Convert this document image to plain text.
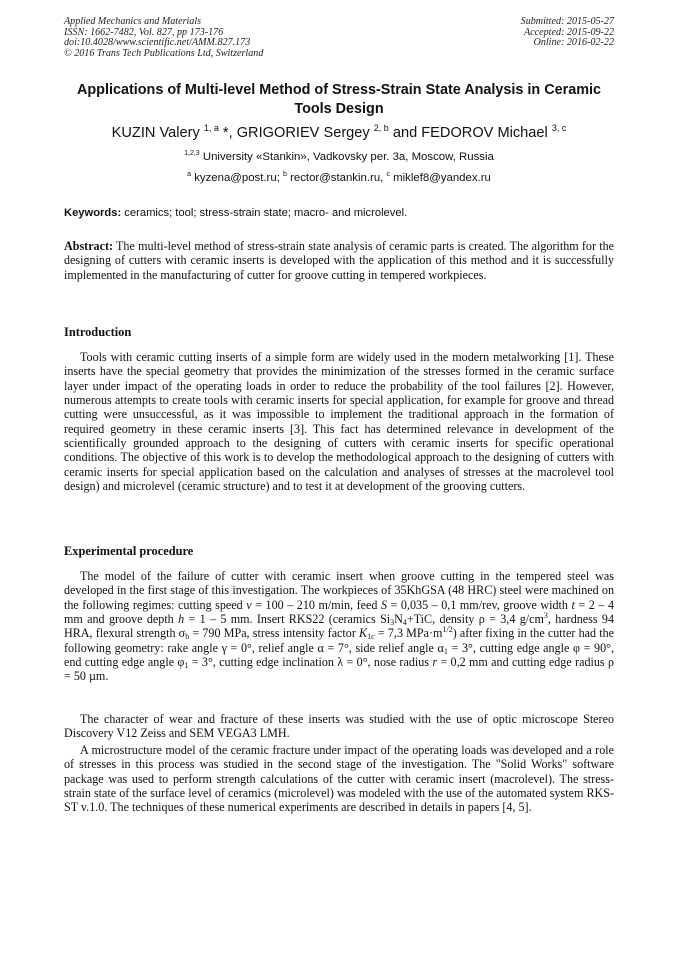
Applied Mechanics and Materials
ISSN: 1662-7482, Vol. 827, pp 173-176
doi:10.4028/www.scientific.net/AMM.827.173
© 2016 Trans Tech Publications Ltd, Switzerland
Submitted: 2015-05-27
Accepted: 2015-09-22
Online: 2016-02-22
Applications of Multi-level Method of Stress-Strain State Analysis in Ceramic Tools Design
KUZIN Valery $^{1, a}$ *, GRIGORIEV Sergey $^{2, b}$ and FEDOROV Michael $^{3, c}$
$^{1,2,3}$ University «Stankin», Vadkovsky per. 3a, Moscow, Russia
$^a$ kyzena@post.ru; $^b$ rector@stankin.ru, $^c$ miklef8@yandex.ru
Keywords: ceramics; tool; stress-strain state; macro- and microlevel.
Abstract: The multi-level method of stress-strain state analysis of ceramic parts is created. The algorithm for the designing of cutters with ceramic inserts is developed with the application of this method and it is successfully implemented in the manufacturing of cutter for groove cutting in tempered workpieces.
Introduction
Tools with ceramic cutting inserts of a simple form are widely used in the modern metalworking [1]. These inserts have the special geometry that provides the minimization of the stresses formed in the ceramic surface layer under impact of the operating loads in order to reduce the probability of the tool failures [2]. However, numerous attempts to create tools with ceramic inserts for special application, for example for groove and thread cutting were unsuccessful, as it was impossible to implement the traditional approach in the formation of required geometry in these ceramic inserts [3]. This fact has determined relevance in development of the scientifically grounded approach to the designing of cutters with ceramic inserts for specific operational conditions. The objective of this work is to develop the methodological approach to the designing of cutters with ceramic inserts for special application based on the calculation and analyses of stresses at the macrolevel tool design) and microlevel (ceramic structure) and to test it at development of the grooving cutters.
Experimental procedure
The model of the failure of cutter with ceramic insert when groove cutting in the tempered steel was developed in the first stage of this investigation. The workpieces of 35KhGSA (48 HRC) steel were machined on the following regimes: cutting speed v = 100 – 210 m/min, feed S = 0,035 – 0,1 mm/rev, groove width t = 2 – 4 mm and groove depth h = 1 – 5 mm. Insert RKS22 (ceramics $Si_3N_4+TiC$, density ρ = 3,4 $g/cm^3$, hardness 94 HRA, flexural strength $\sigma_b = 790$ MPa, stress intensity factor $K_{1c} = 7,3$ $MPa\cdot m^{1/2}$) after fixing in the cutter had the following geometry: rake angle γ = 0°, relief angle α = 7°, side relief angle $\alpha_1 = 3^\circ$, cutting edge angle φ = 90°, end cutting edge angle $\varphi_1 = 3^\circ$, cutting edge inclination λ = 0°, nose radius r = 0,2 mm and cutting edge radius ρ = 50 µm.
The character of wear and fracture of these inserts was studied with the use of optic microscope Stereo Discovery V12 Zeiss and SEM VEGA3 LMH.
A microstructure model of the ceramic fracture under impact of the operating loads was developed and a role of stresses in this process was studied in the second stage of the investigation. The "Solid Works" software package was used to perform strength calculations of the cutter with ceramic insert (macrolevel). The stress-strain state of the surface level of ceramics (microlevel) was modeled with the use of the automated system RKS-ST v.1.0. The techniques of these numerical experiments are described in details in papers [4, 5].
